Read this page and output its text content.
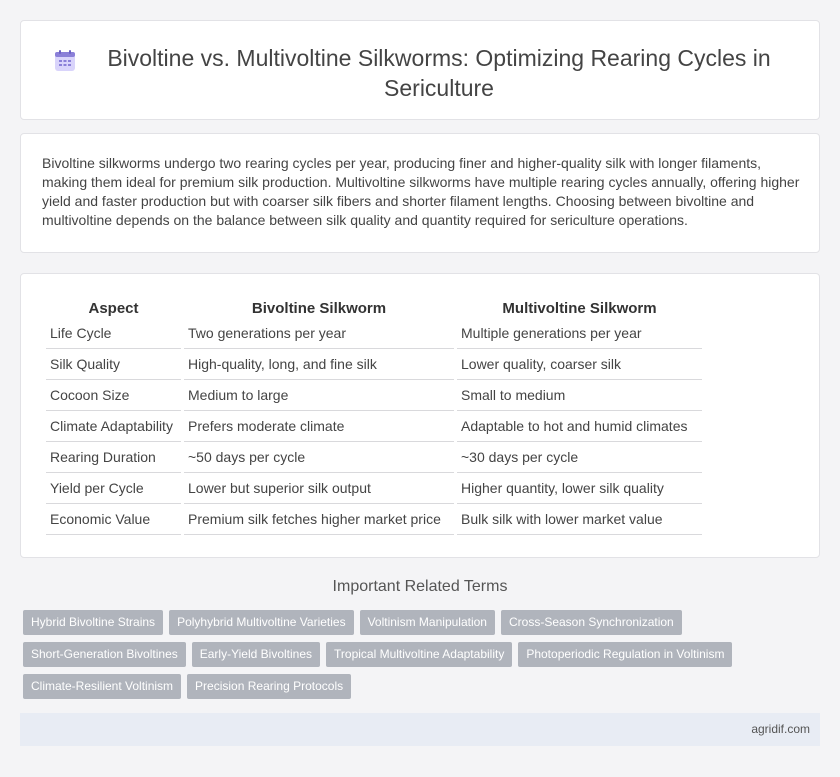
Bivoltine vs. Multivoltine Silkworms: Optimizing Rearing Cycles in Sericulture

Bivoltine silkworms undergo two rearing cycles per year, producing finer and higher-quality silk with longer filaments, making them ideal for premium silk production. Multivoltine silkworms have multiple rearing cycles annually, offering higher yield and faster production but with coarser silk fibers and shorter filament lengths. Choosing between bivoltine and multivoltine depends on the balance between silk quality and quantity required for sericulture operations.

Aspect	Bivoltine Silkworm	Multivoltine Silkworm
Life Cycle	Two generations per year	Multiple generations per year
Silk Quality	High-quality, long, and fine silk	Lower quality, coarser silk
Cocoon Size	Medium to large	Small to medium
Climate Adaptability	Prefers moderate climate	Adaptable to hot and humid climates
Rearing Duration	~50 days per cycle	~30 days per cycle
Yield per Cycle	Lower but superior silk output	Higher quantity, lower silk quality
Economic Value	Premium silk fetches higher market price	Bulk silk with lower market value
Important Related Terms
Hybrid Bivoltine Strains	Polyhybrid Multivoltine Varieties	Voltinism Manipulation	Cross-Season Synchronization
Short-Generation Bivoltines	Early-Yield Bivoltines	Tropical Multivoltine Adaptability	Photoperiodic Regulation in Voltinism
Climate-Resilient Voltinism	Precision Rearing Protocols
agridif.com
